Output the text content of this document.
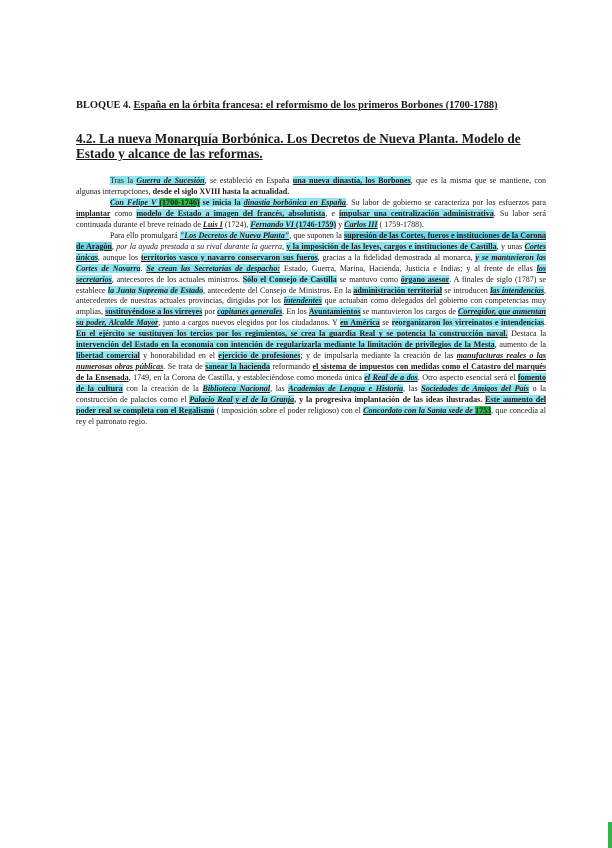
BLOQUE 4. España en la órbita francesa: el reformismo de los primeros Borbones (1700-1788)
4.2. La nueva Monarquía Borbónica. Los Decretos de Nueva Planta. Modelo de Estado y alcance de las reformas.

Tras la Guerra de Sucesión, se estableció en España una nueva dinastía, los Borbones, que es la misma que se mantiene, con algunas interrupciones, desde el siglo XVIII hasta la actualidad.

Con Felipe V (1700-1746) se inicia la dinastía borbónica en España. Su labor de gobierno se caracteriza por los esfuerzos para implantar como modelo de Estado a imagen del francés, absolutista, e impulsar una centralización administrativa. Su labor será continuada durante el breve reinado de Luis I (1724), Fernando VI (1746-1759) y Carlos III ( 1759-1788).

Para ello promulgará "Los Decretos de Nueva Planta", que suponen la supresión de las Cortes, fueros e instituciones de la Corona de Aragón, por la ayuda prestada a su rival durante la guerra, y la imposición de las leyes, cargos e instituciones de Castilla, y unas Cortes únicas, aunque los territorios vasco y navarro conservaron sus fueros, gracias a la fidelidad demostrada al monarca, y se mantuvieron las Cortes de Navarra. Se crean las Secretarías de despacho: Estado, Guerra, Marina, Hacienda, Justicia e Indias; y al frente de ellas los secretarios, antecesores de los actuales ministros. Sólo el Consejo de Castilla se mantuvo como órgano asesor. A finales de siglo (1787) se establece la Junta Suprema de Estado, antecedente del Consejo de Ministros. En la administración territorial se introducen las intendencias, antecedentes de nuestras actuales provincias, dirigidas por los intendentes que actuaban como delegados del gobierno con competencias muy amplias, sustituyéndose a los virreyes por capitanes generales. En los Ayuntamientos se mantuvieron los cargos de Corregidor, que aumentan su poder, Alcalde Mayor, junto a cargos nuevos elegidos por los ciudadanos. Y en América se reorganizaron los virreinatos e intendencias. En el ejército se sustituyen los tercios por los regimientos, se crea la guardia Real y se potencia la construcción naval. Destaca la intervención del Estado en la economía con intención de regularizarla mediante la limitación de privilegios de la Mesta, aumento de la libertad comercial y honorabilidad en el ejercicio de profesiones; y de impulsarla mediante la creación de las manufacturas reales o las numerosas obras públicas. Se trata de sanear la hacienda reformando el sistema de impuestos con medidas como el Catastro del marqués de la Ensenada, 1749, en la Corona de Castilla, y estableciéndose como moneda única el Real de a dos. Otro aspecto esencial será el fomento de la cultura con la creación de la Biblioteca Nacional, las Academias de Lengua e Historia, las Sociedades de Amigos del País o la construcción de palacios como el Palacio Real y el de la Granja, y la progresiva implantación de las ideas ilustradas. Este aumento del poder real se completa con el Regalismo ( imposición sobre el poder religioso) con el Concordato con la Santa sede de 1753, que concedía al rey el patronato regio.
